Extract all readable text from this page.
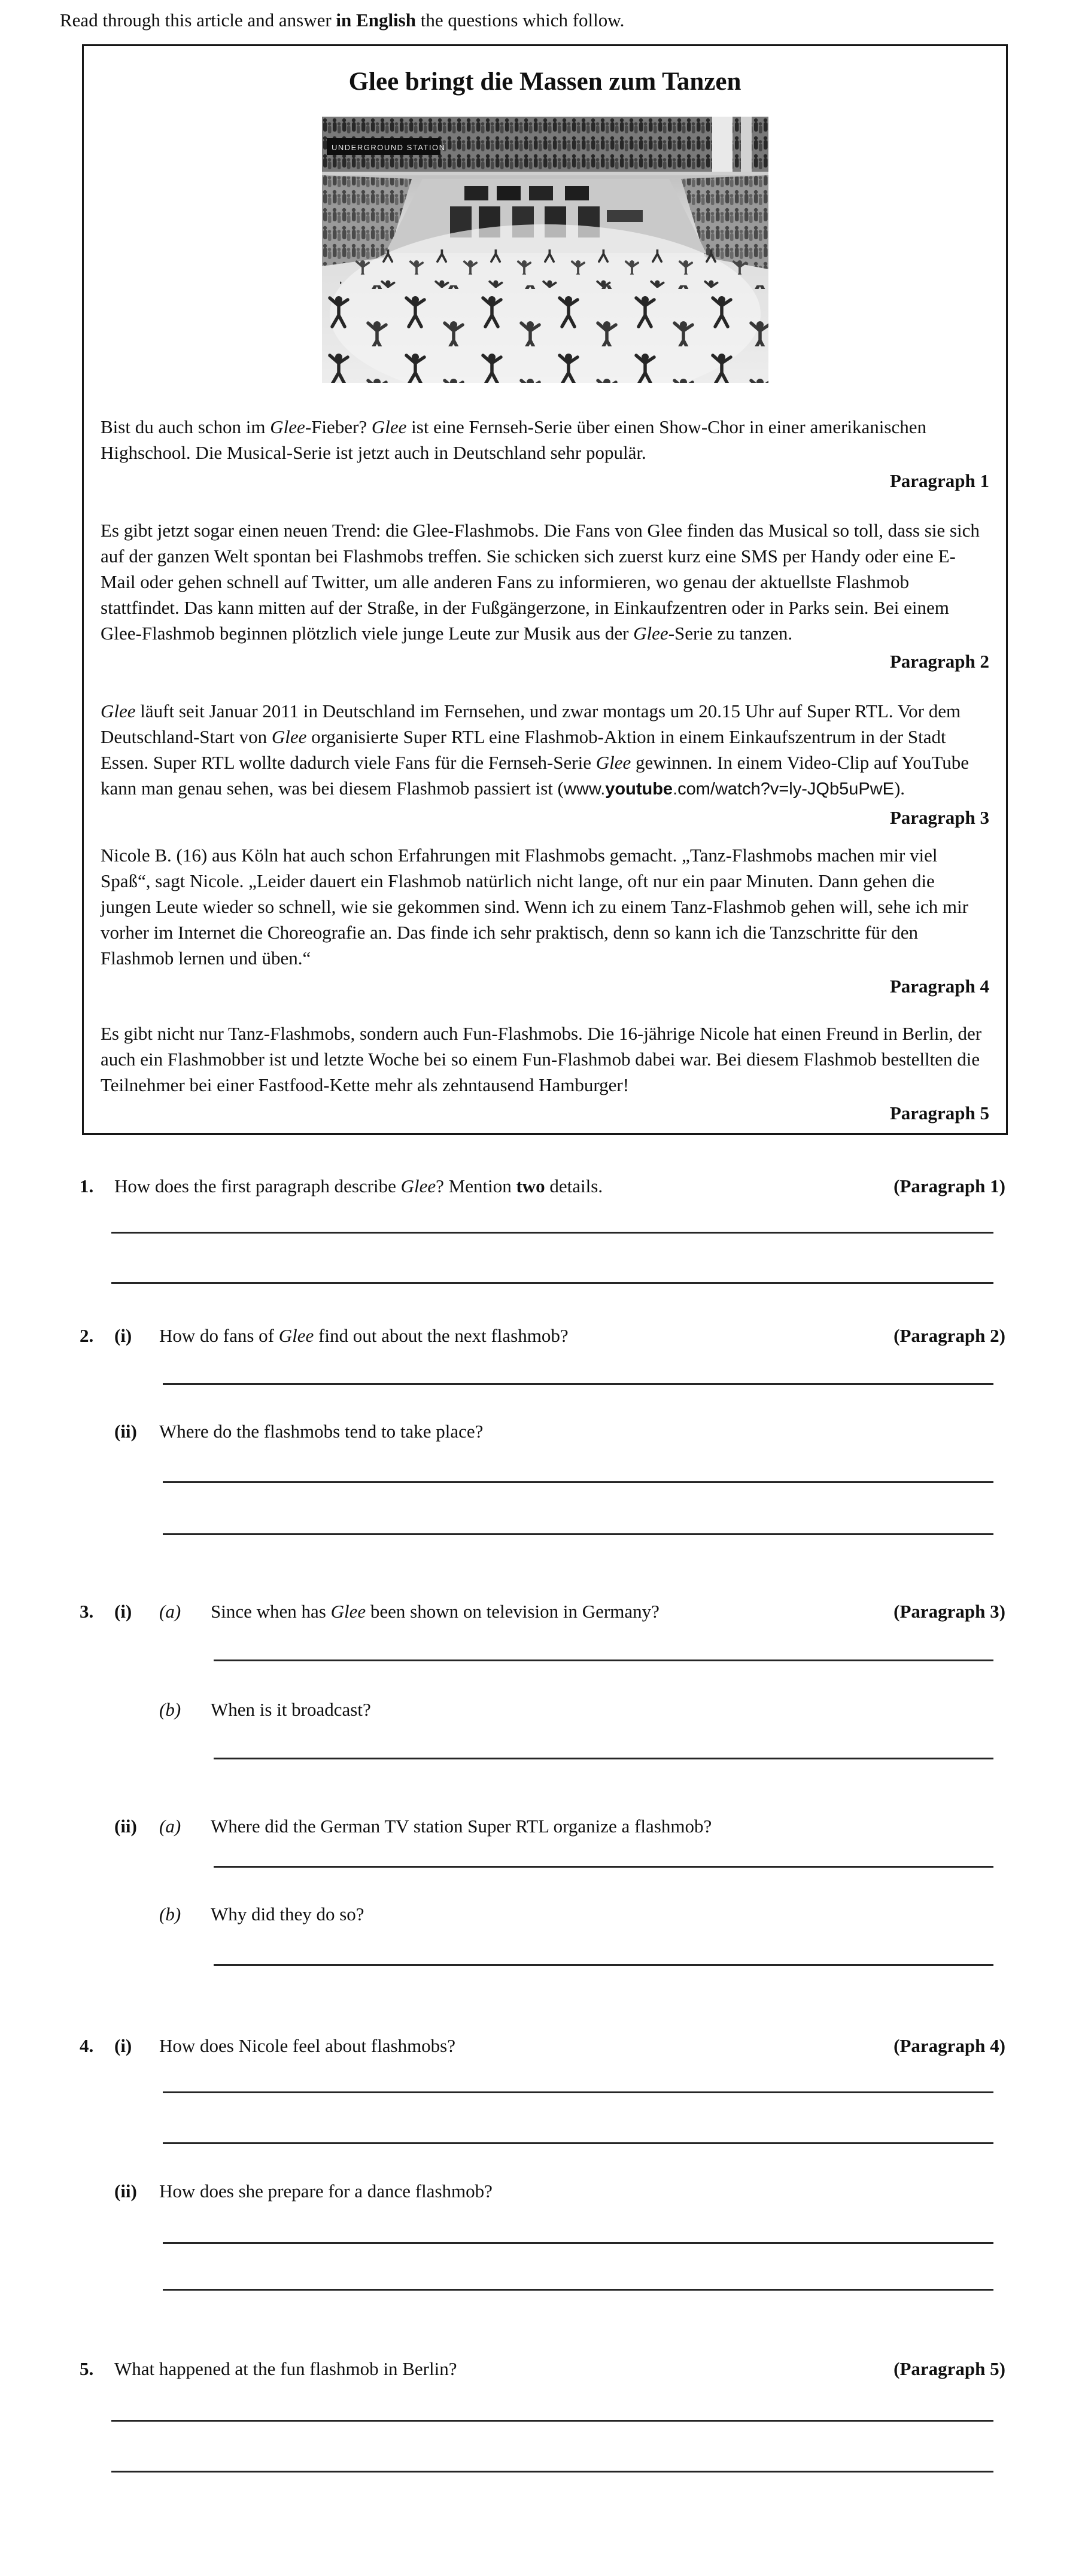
Read through this article and answer in English the questions which follow.

Glee bringt die Massen zum Tanzen
UNDERGROUND STATION

Bist du auch schon im Glee-Fieber? Glee ist eine Fernseh-Serie über einen Show-Chor in einer amerikanischen Highschool. Die Musical-Serie ist jetzt auch in Deutschland sehr populär.

Paragraph 1

Es gibt jetzt sogar einen neuen Trend: die Glee-Flashmobs. Die Fans von Glee finden das Musical so toll, dass sie sich auf der ganzen Welt spontan bei Flashmobs treffen. Sie schicken sich zuerst kurz eine SMS per Handy oder eine E-Mail oder gehen schnell auf Twitter, um alle anderen Fans zu informieren, wo genau der aktuellste Flashmob stattfindet. Das kann mitten auf der Straße, in der Fußgängerzone, in Einkaufzentren oder in Parks sein. Bei einem Glee-Flashmob beginnen plötzlich viele junge Leute zur Musik aus der Glee-Serie zu tanzen.

Paragraph 2

Glee läuft seit Januar 2011 in Deutschland im Fernsehen, und zwar montags um 20.15 Uhr auf Super RTL. Vor dem Deutschland-Start von Glee organisierte Super RTL eine Flashmob-Aktion in einem Einkaufszentrum in der Stadt Essen. Super RTL wollte dadurch viele Fans für die Fernseh-Serie Glee gewinnen. In einem Video-Clip auf YouTube kann man genau sehen, was bei diesem Flashmob passiert ist (www.youtube.com/watch?v=ly-JQb5uPwE).

Paragraph 3

Nicole B. (16) aus Köln hat auch schon Erfahrungen mit Flashmobs gemacht. „Tanz-Flashmobs machen mir viel Spaß“, sagt Nicole. „Leider dauert ein Flashmob natürlich nicht lange, oft nur ein paar Minuten. Dann gehen die jungen Leute wieder so schnell, wie sie gekommen sind. Wenn ich zu einem Tanz-Flashmob gehen will, sehe ich mir vorher im Internet die Choreografie an. Das finde ich sehr praktisch, denn so kann ich die Tanzschritte für den Flashmob lernen und üben.“

Paragraph 4

Es gibt nicht nur Tanz-Flashmobs, sondern auch Fun-Flashmobs. Die 16-jährige Nicole hat einen Freund in Berlin, der auch ein Flashmobber ist und letzte Woche bei so einem Fun-Flashmob dabei war. Bei diesem Flashmob bestellten die Teilnehmer bei einer Fastfood-Kette mehr als zehntausend Hamburger!

Paragraph 5
1.	How does the first paragraph describe Glee? Mention two details.	(Paragraph 1)
2.	(i)	How do fans of Glee find out about the next flashmob?	(Paragraph 2)
(ii)	Where do the flashmobs tend to take place?
3.	(i)	(a)	Since when has Glee been shown on television in Germany?	(Paragraph 3)
(b)	When is it broadcast?
(ii)	(a)	Where did the German TV station Super RTL organize a flashmob?
(b)	Why did they do so?
4.	(i)	How does Nicole feel about flashmobs?	(Paragraph 4)
(ii)	How does she prepare for a dance flashmob?
5.	What happened at the fun flashmob in Berlin?	(Paragraph 5)
